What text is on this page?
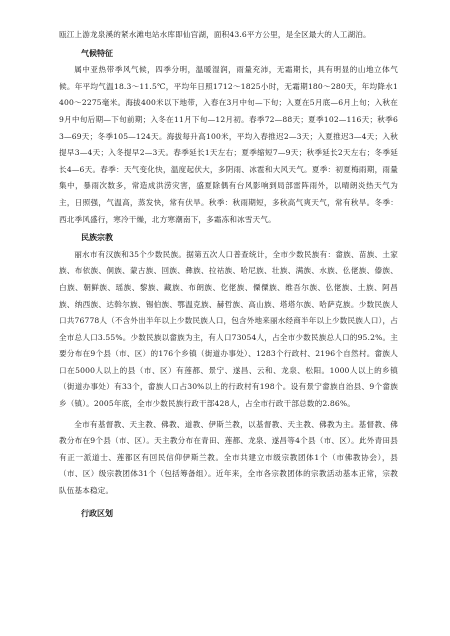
瓯江上游龙泉溪的紧水滩电站水库即仙宫湖，面积43.6平方公里，是全区最大的人工湖泊。

气候特征

属中亚热带季风气候，四季分明，温暖湿润，雨量充沛，无霜期长，具有明显的山地立体气候。年平均气温18.3～11.5℃，平均年日照1712～1825小时，无霜期180～280天，年均降水1400～2275毫米。海拔400米以下地带，入春在3月中旬—下旬；入夏在5月底—6月上旬；入秋在9月中旬后期—下旬前期；入冬在11月下旬—12月初。春季72—88天；夏季102—116天；秋季63—69天；冬季105—124天。海拔每升高100米，平均入春推迟2—3天；入夏推迟3—4天；入秋提早3—4天；入冬提早2—3天。春季延长1天左右；夏季缩短7—9天；秋季延长2天左右；冬季延长4—6天。春季：天气变化快，温度起伏大，多阴雨、冰雹和大风天气。夏季：初夏梅雨期，雨量集中，暴雨次数多，常造成洪涝灾害，盛夏除偶有台风影响到局部雷阵雨外，以晴朗炎热天气为主，日照强，气温高，蒸发快，常有伏旱。秋季：秋雨期短，多秋高气爽天气，常有秋旱。冬季：西北季风盛行，寒冷干燥，北方寒潮南下，多霜冻和冰雪天气。

民族宗教

丽水市有汉族和35个少数民族。据第五次人口普查统计，全市少数民族有：畲族、苗族、土家族、布依族、侗族、蒙古族、回族、彝族、拉祜族、哈尼族、壮族、满族、水族、仫佬族、傣族、白族、朝鲜族、瑶族、黎族、藏族、布朗族、仡佬族、傈僳族、维吾尔族、仫佬族、土族、阿昌族、纳西族、达斡尔族、锡伯族、鄂温克族、赫哲族、高山族、塔塔尔族、哈萨克族。少数民族人口共76778人（不含外出半年以上少数民族人口，包含外地来丽水经商半年以上少数民族人口），占全市总人口3.55%。少数民族以畲族为主，有人口73054人，占全市少数民族总人口的95.2%。主要分布在9个县（市、区）的176个乡镇（街道办事处）、1283个行政村、2196个自然村。畲族人口在5000人以上的县（市、区）有莲都、景宁、遂昌、云和、龙泉、松阳。1000人以上的乡镇（街道办事处）有33个，畲族人口占30%以上的行政村有198个。设有景宁畲族自治县、9个畲族乡（镇）。2005年底，全市少数民族行政干部428人，占全市行政干部总数的2.86%。

全市有基督教、天主教、佛教、道教、伊斯兰教，以基督教、天主教、佛教为主。基督教、佛教分布在9个县（市、区）。天主教分布在青田、莲都、龙泉、遂昌等4个县（市、区）。此外青田县有正一派道士、莲都区有回民信仰伊斯兰教。全市共建立市级宗教团体1个（市佛教协会），县（市、区）级宗教团体31个（包括筹备组）。近年来，全市各宗教团体的宗教活动基本正常，宗教队伍基本稳定。

行政区划
